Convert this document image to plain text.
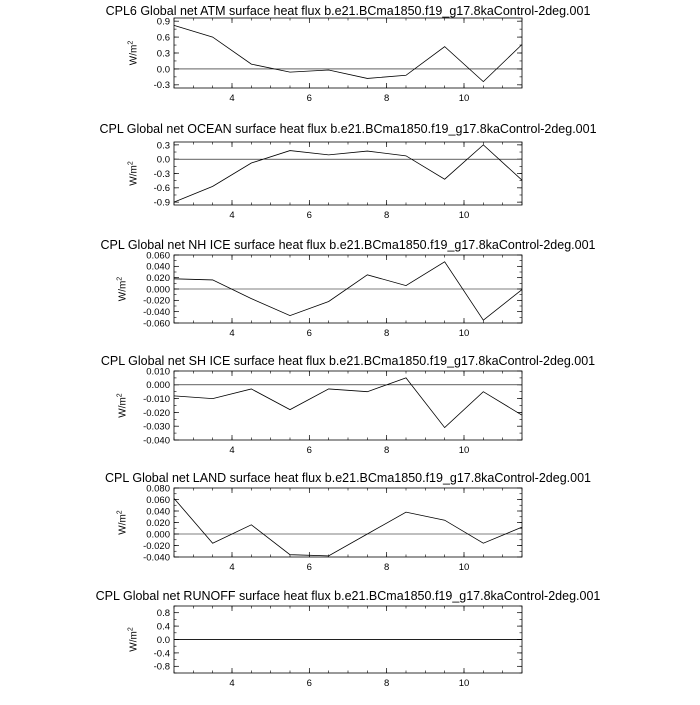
CPL6 Global net ATM surface heat flux b.e21.BCma1850.f19_g17.8kaControl-2deg.001
4	6	8	10
0.9
0.6
0.3
0.0
-0.3
$W/m^2$
CPL Global net OCEAN surface heat flux b.e21.BCma1850.f19_g17.8kaControl-2deg.001
4	6	8	10
0.3
0.0
-0.3
-0.6
-0.9
$W/m^2$
CPL Global net NH ICE surface heat flux b.e21.BCma1850.f19_g17.8kaControl-2deg.001
4	6	8	10
0.060
0.040
0.020
0.000
-0.020
-0.040
-0.060
$W/m^2$
CPL Global net SH ICE surface heat flux b.e21.BCma1850.f19_g17.8kaControl-2deg.001
4	6	8	10
0.010
0.000
-0.010
-0.020
-0.030
-0.040
$W/m^2$
CPL Global net LAND surface heat flux b.e21.BCma1850.f19_g17.8kaControl-2deg.001
4	6	8	10
0.080
0.060
0.040
0.020
0.000
-0.020
-0.040
$W/m^2$
CPL Global net RUNOFF surface heat flux b.e21.BCma1850.f19_g17.8kaControl-2deg.001
4	6	8	10
0.8
0.4
0.0
-0.4
-0.8
$W/m^2$
